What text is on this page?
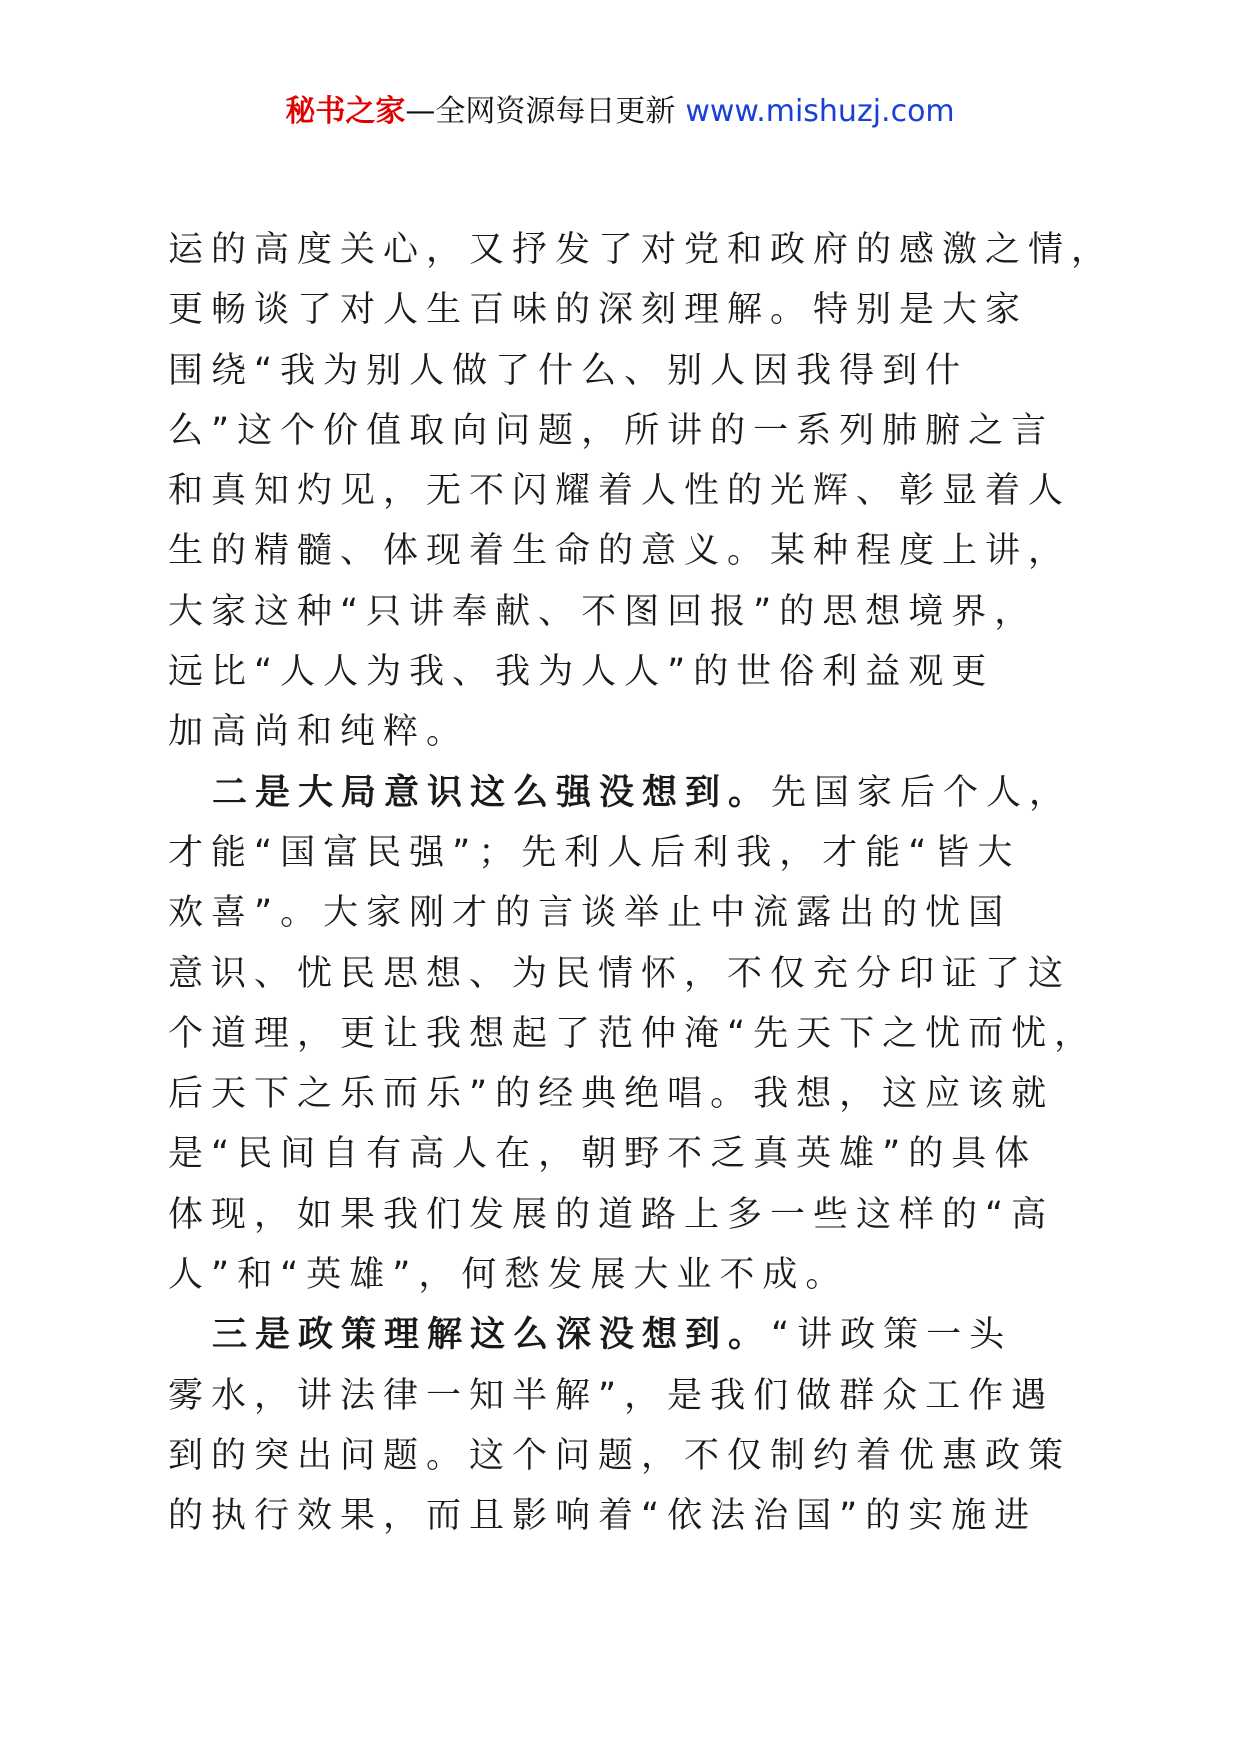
秘书之家—全网资源每日更新 www.mishuzj.com
运的高度关心，又抒发了对党和政府的感激之情，
更畅谈了对人生百味的深刻理解。特别是大家
围绕“我为别人做了什么、别人因我得到什
么”这个价值取向问题，所讲的一系列肺腑之言
和真知灼见，无不闪耀着人性的光辉、彰显着人
生的精髓、体现着生命的意义。某种程度上讲，
大家这种“只讲奉献、不图回报”的思想境界，
远比“人人为我、我为人人”的世俗利益观更
加高尚和纯粹。
二是大局意识这么强没想到。先国家后个人，
才能“国富民强”；先利人后利我，才能“皆大
欢喜”。大家刚才的言谈举止中流露出的忧国
意识、忧民思想、为民情怀，不仅充分印证了这
个道理，更让我想起了范仲淹“先天下之忧而忧，
后天下之乐而乐”的经典绝唱。我想，这应该就
是“民间自有高人在，朝野不乏真英雄”的具体
体现，如果我们发展的道路上多一些这样的“高
人”和“英雄”，何愁发展大业不成。
三是政策理解这么深没想到。“讲政策一头
雾水，讲法律一知半解”，是我们做群众工作遇
到的突出问题。这个问题，不仅制约着优惠政策
的执行效果，而且影响着“依法治国”的实施进
